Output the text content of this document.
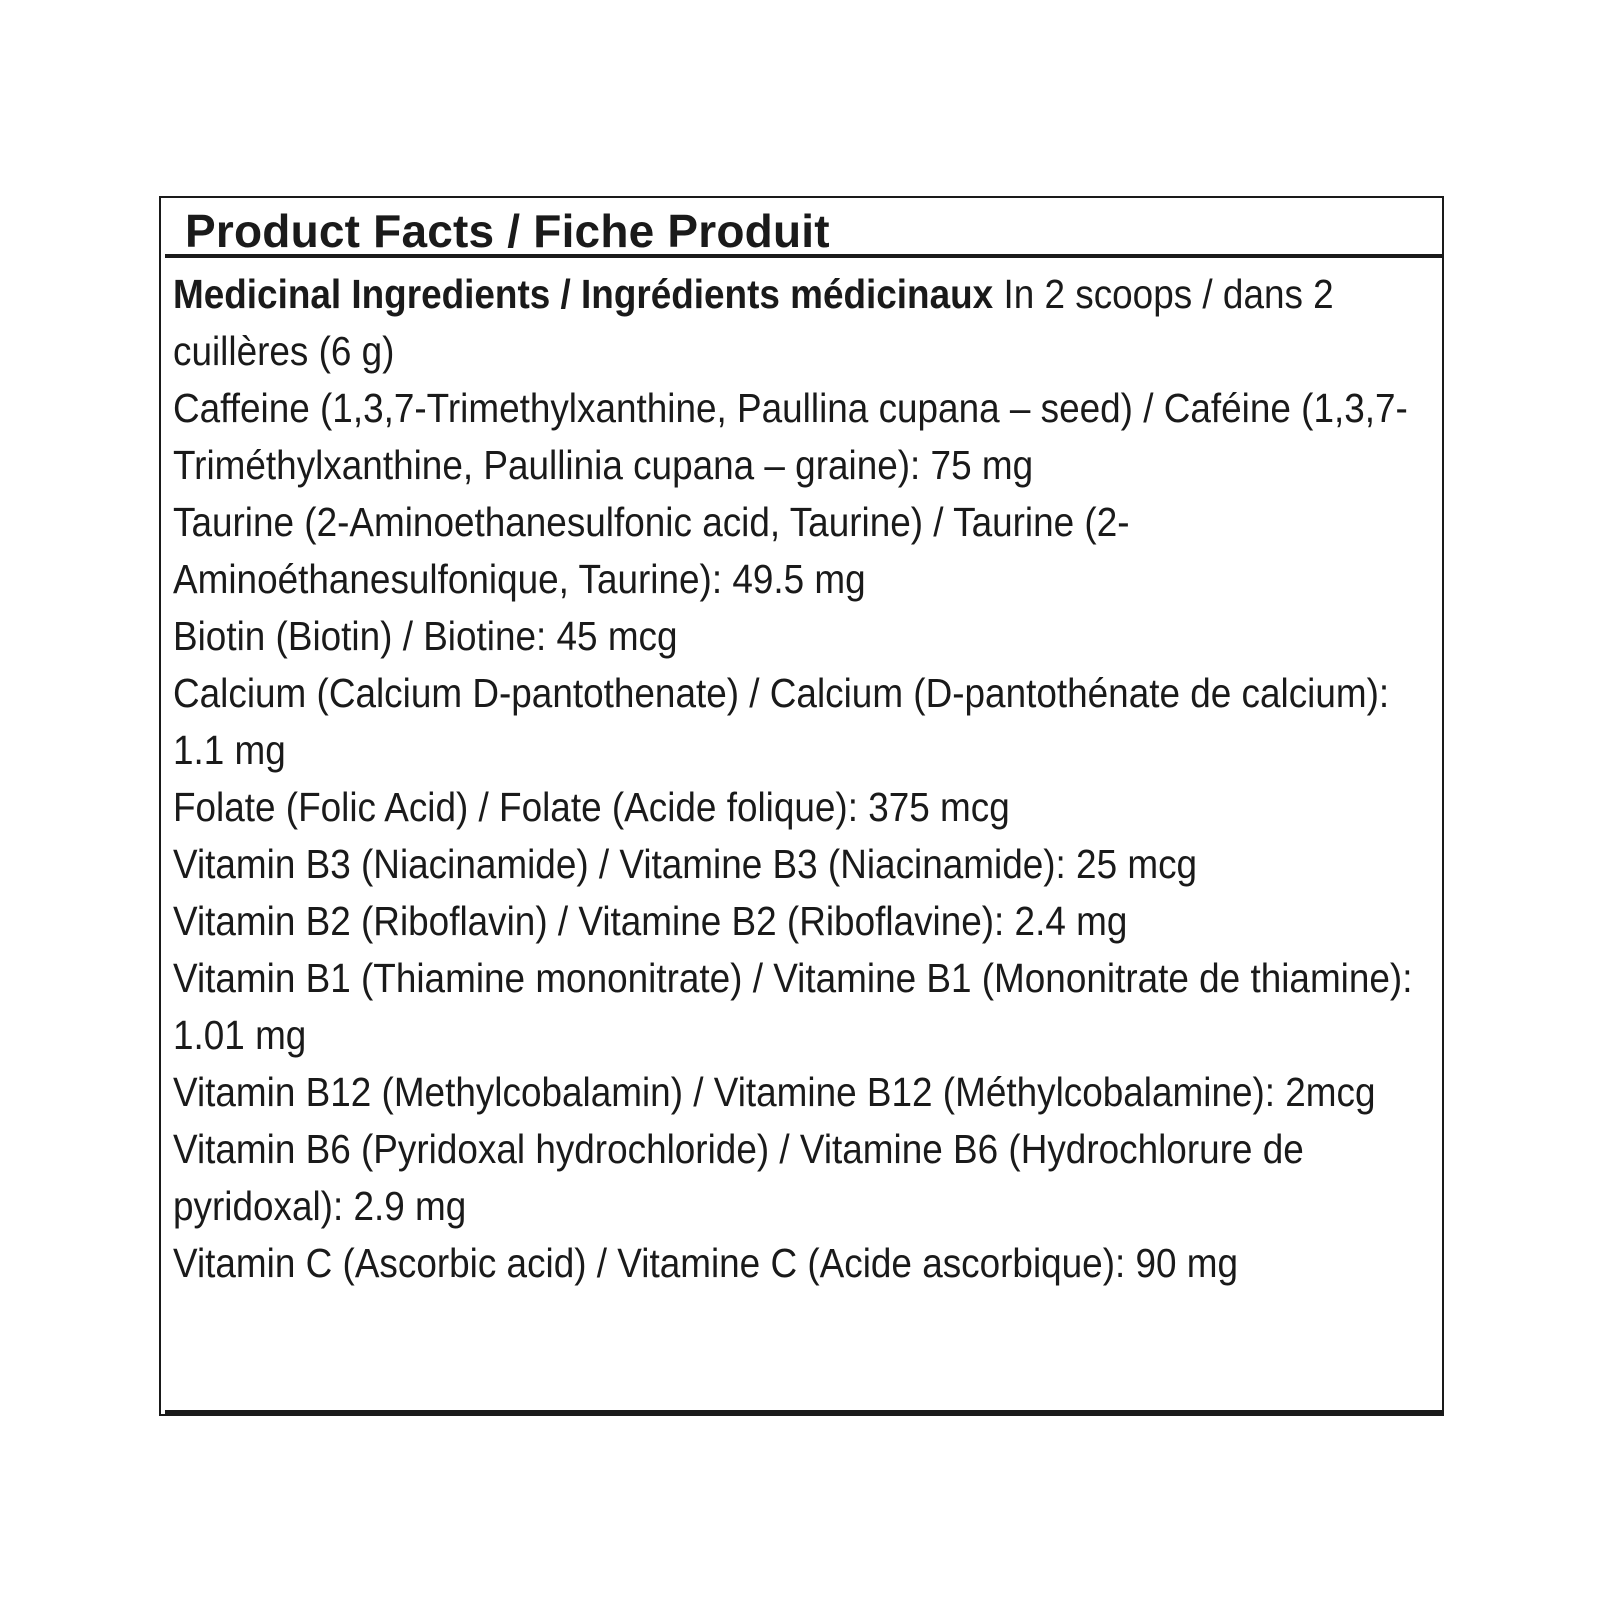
Product Facts / Fiche Produit

Medicinal Ingredients / Ingrédients médicinaux In 2 scoops / dans 2 cuillères (6 g)

Caffeine (1,3,7-Trimethylxanthine, Paullina cupana – seed) / Caféine (1,3,7-Triméthylxanthine, Paullinia cupana – graine): 75 mg

Taurine (2-Aminoethanesulfonic acid, Taurine) / Taurine (2-Aminoéthanesulfonique, Taurine): 49.5 mg

Biotin (Biotin) / Biotine: 45 mcg

Calcium (Calcium D-pantothenate) / Calcium (D-pantothénate de calcium): 1.1 mg

Folate (Folic Acid) / Folate (Acide folique): 375 mcg

Vitamin B3 (Niacinamide) / Vitamine B3 (Niacinamide): 25 mcg

Vitamin B2 (Riboflavin) / Vitamine B2 (Riboflavine): 2.4 mg

Vitamin B1 (Thiamine mononitrate) / Vitamine B1 (Mononitrate de thiamine): 1.01 mg

Vitamin B12 (Methylcobalamin) / Vitamine B12 (Méthylcobalamine): 2mcg

Vitamin B6 (Pyridoxal hydrochloride) / Vitamine B6 (Hydrochlorure de pyridoxal): 2.9 mg

Vitamin C (Ascorbic acid) / Vitamine C (Acide ascorbique): 90 mg
